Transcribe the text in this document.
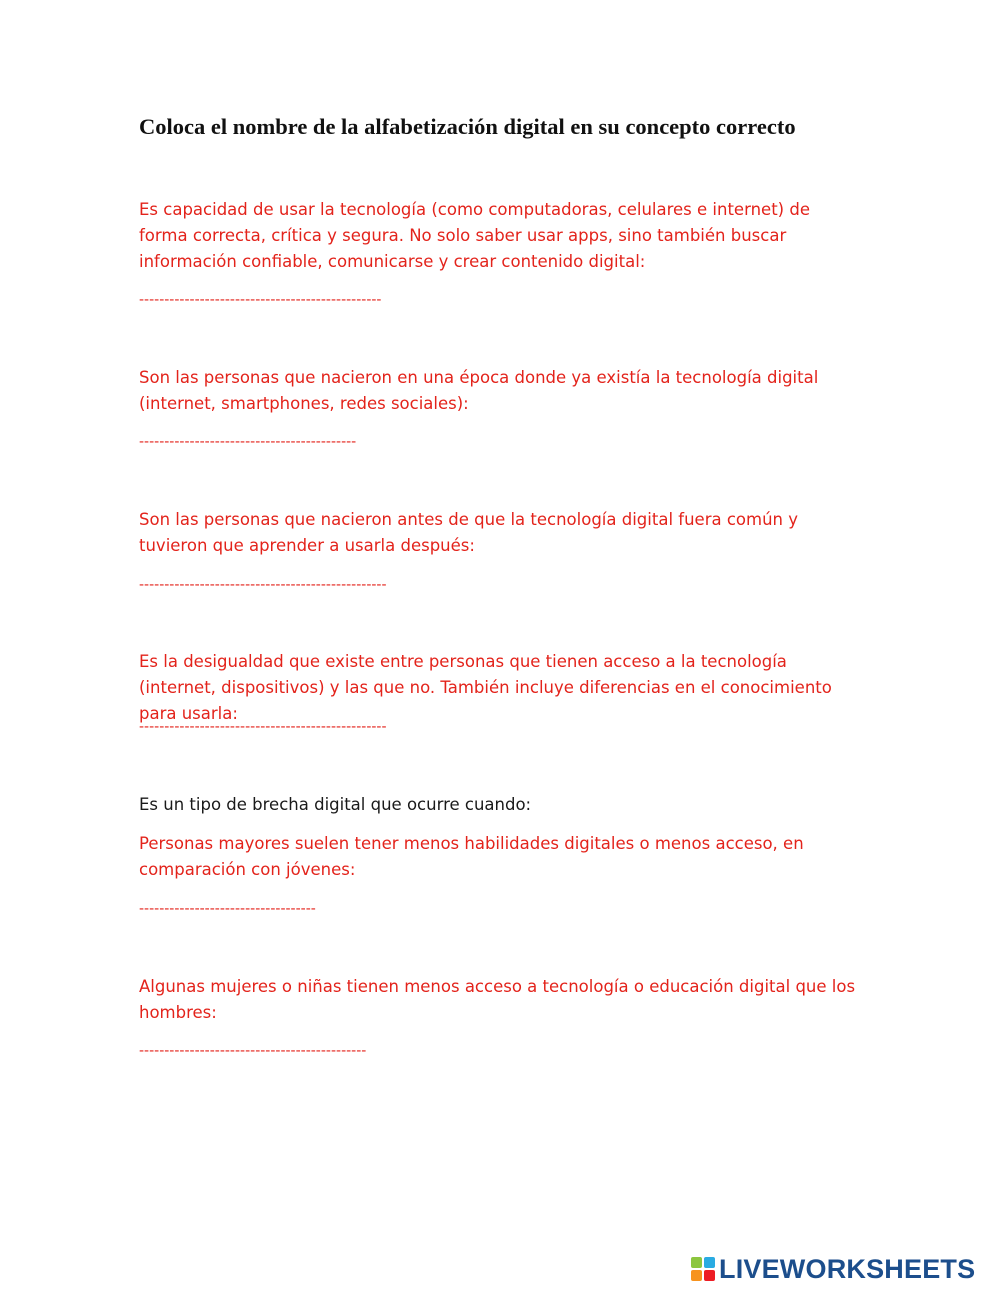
Coloca el nombre de la alfabetización digital en su concepto correcto

Es capacidad de usar la tecnología (como computadoras, celulares e internet) de forma correcta, crítica y segura. No solo saber usar apps, sino también buscar información confiable, comunicarse y crear contenido digital:

------------------------------------------------

Son las personas que nacieron en una época donde ya existía la tecnología digital (internet, smartphones, redes sociales):

-------------------------------------------

Son las personas que nacieron antes de que la tecnología digital fuera común y tuvieron que aprender a usarla después:

-------------------------------------------------

Es la desigualdad que existe entre personas que tienen acceso a la tecnología (internet, dispositivos) y las que no. También incluye diferencias en el conocimiento para usarla:

-------------------------------------------------

Es un tipo de brecha digital que ocurre cuando:

Personas mayores suelen tener menos habilidades digitales o menos acceso, en comparación con jóvenes:

-----------------------------------

Algunas mujeres o niñas tienen menos acceso a tecnología o educación digital que los hombres:

---------------------------------------------

LIVEWORKSHEETS
